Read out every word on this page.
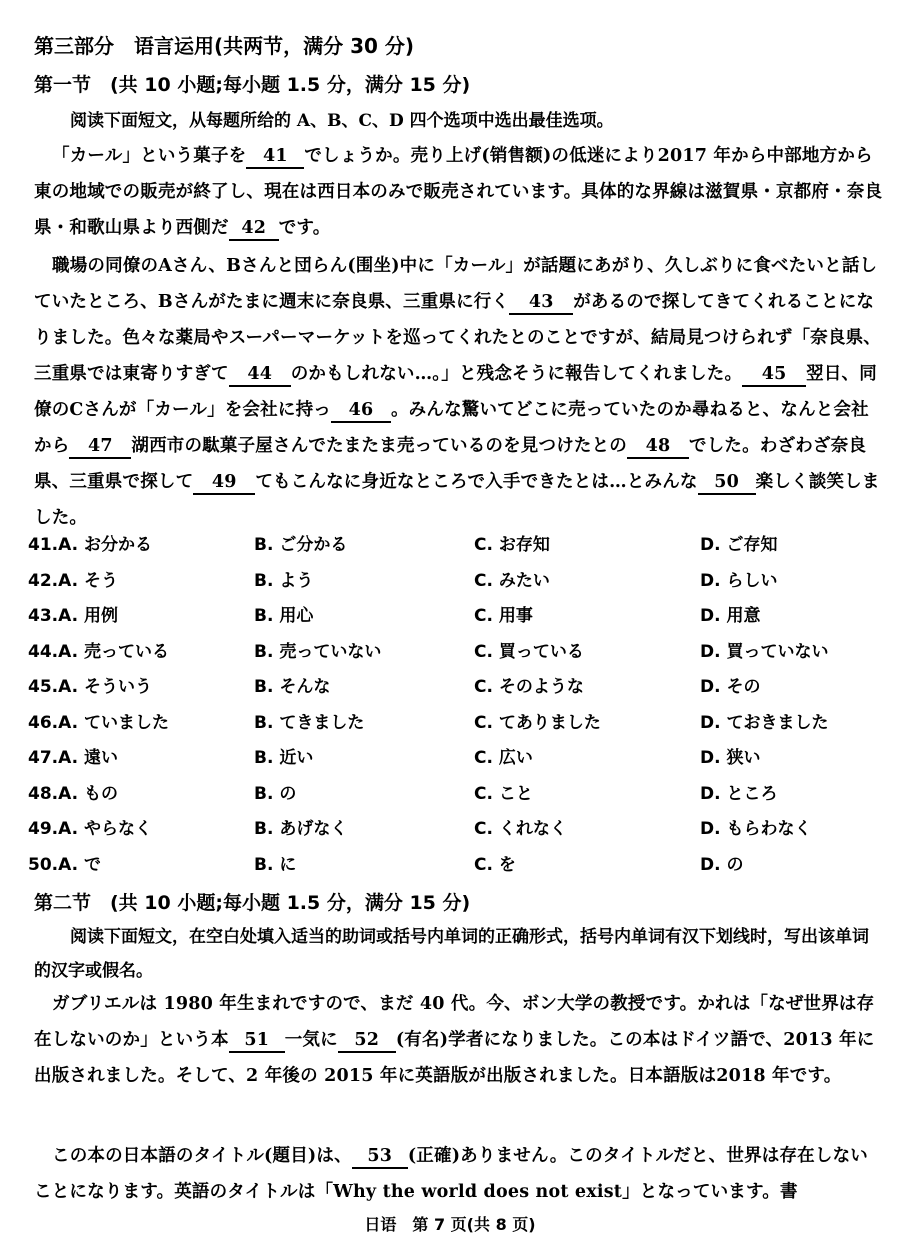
第三部分　语言运用(共两节，满分 30 分)
第一节　(共 10 小题;每小题 1.5 分，满分 15 分)
阅读下面短文，从每题所给的 A、B、C、D 四个选项中选出最佳选项。
「カール」という菓子を 41 でしょうか。売り上げ(销售额)の低迷により2017 年から中部地方から東の地域での販売が終了し、現在は西日本のみで販売されています。具体的な界線は滋賀県・京都府・奈良県・和歌山県より西側だ 42 です。
職場の同僚のAさん、Bさんと団らん(围坐)中に「カール」が話題にあがり、久しぶりに食べたいと話していたところ、Bさんがたまに週末に奈良県、三重県に行く 43 があるので探してきてくれることになりました。色々な薬局やスーパーマーケットを巡ってくれたとのことですが、結局見つけられず「奈良県、三重県では東寄りすぎて 44 のかもしれない…。」と残念そうに報告してくれました。 45 翌日、同僚のCさんが「カール」を会社に持っ 46 。みんな驚いてどこに売っていたのか尋ねると、なんと会社から 47 湖西市の駄菓子屋さんでたまたま売っているのを見つけたとの 48 でした。わざわざ奈良県、三重県で探して 49 てもこんなに身近なところで入手できたとは…とみんな 50 楽しく談笑しました。
41.A. お分かる	B. ご分かる	C. お存知	D. ご存知
42.A. そう	B. よう	C. みたい	D. らしい
43.A. 用例	B. 用心	C. 用事	D. 用意
44.A. 売っている	B. 売っていない	C. 買っている	D. 買っていない
45.A. そういう	B. そんな	C. そのような	D. その
46.A. ていました	B. てきました	C. てありました	D. ておきました
47.A. 遠い	B. 近い	C. 広い	D. 狭い
48.A. もの	B. の	C. こと	D. ところ
49.A. やらなく	B. あげなく	C. くれなく	D. もらわなく
50.A. で	B. に	C. を	D. の
第二节　(共 10 小题;每小题 1.5 分，满分 15 分)
阅读下面短文，在空白处填入适当的助词或括号内单词的正确形式，括号内单词有汉下划线时，写出该单词的汉字或假名。
ガブリエルは 1980 年生まれですので、まだ 40 代。今、ボン大学の教授です。かれは「なぜ世界は存在しないのか」という本 51 一気に 52 (有名)学者になりました。この本はドイツ語で、2013 年に出版されました。そして、2 年後の 2015 年に英語版が出版されました。日本語版は2018 年です。
この本の日本語のタイトル(題目)は、 53 (正確)ありません。このタイトルだと、世界は存在しないことになります。英語のタイトルは「Why the world does not exist」となっています。書
日语　第 7 页(共 8 页)
